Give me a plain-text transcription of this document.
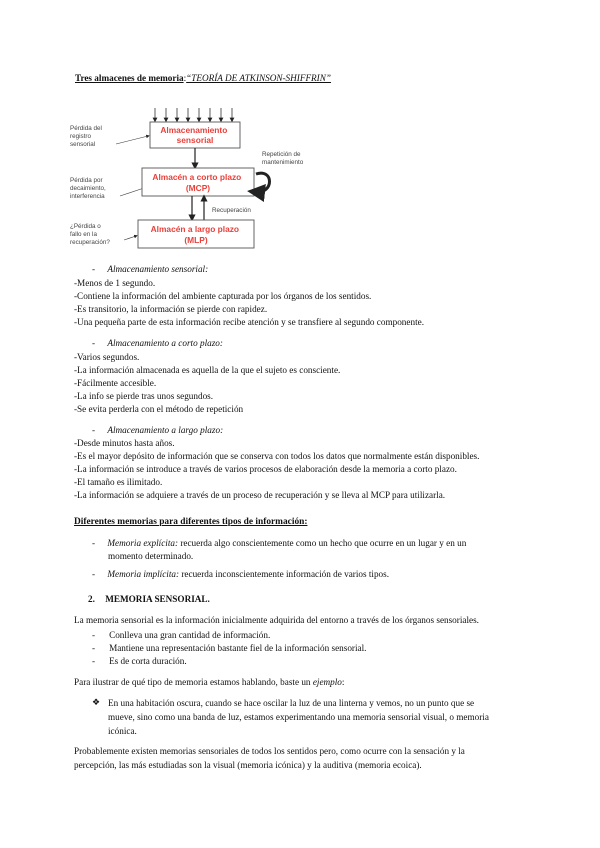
Tres almacenes de memoria:“TEORÍA DE ATKINSON-SHIFFRIN”
Pérdida del registro sensorial
Pérdida por decaimiento, interferencia
¿Pérdida o fallo en la recuperación?
Almacenamiento sensorial
Almacén a corto plazo (MCP)
Repetición de mantenimiento
Recuperación
Almacén a largo plazo (MLP)
- Almacenamiento sensorial:
-Menos de 1 segundo.
-Contiene la información del ambiente capturada por los órganos de los sentidos.
-Es transitorio, la información se pierde con rapidez.
-Una pequeña parte de esta información recibe atención y se transfiere al segundo componente.
- Almacenamiento a corto plazo:
-Varios segundos.
-La información almacenada es aquella de la que el sujeto es consciente.
-Fácilmente accesible.
-La info se pierde tras unos segundos.
-Se evita perderla con el método de repetición
- Almacenamiento a largo plazo:
-Desde minutos hasta años.
-Es el mayor depósito de información que se conserva con todos los datos que normalmente están disponibles.
-La información se introduce a través de varios procesos de elaboración desde la memoria a corto plazo.
-El tamaño es ilimitado.
-La información se adquiere a través de un proceso de recuperación y se lleva al MCP para utilizarla.
Diferentes memorias para diferentes tipos de información:
- Memoria explícita: recuerda algo conscientemente como un hecho que ocurre en un lugar y en un
momento determinado.
- Memoria implícita: recuerda inconscientemente información de varios tipos.
2. MEMORIA SENSORIAL.
La memoria sensorial es la información inicialmente adquirida del entorno a través de los órganos sensoriales.
- Conlleva una gran cantidad de información.
- Mantiene una representación bastante fiel de la información sensorial.
- Es de corta duración.
Para ilustrar de qué tipo de memoria estamos hablando, baste un ejemplo:
❖ En una habitación oscura, cuando se hace oscilar la luz de una linterna y vemos, no un punto que se
mueve, sino como una banda de luz, estamos experimentando una memoria sensorial visual, o memoria
icónica.
Probablemente existen memorias sensoriales de todos los sentidos pero, como ocurre con la sensación y la
percepción, las más estudiadas son la visual (memoria icónica) y la auditiva (memoria ecoica).
